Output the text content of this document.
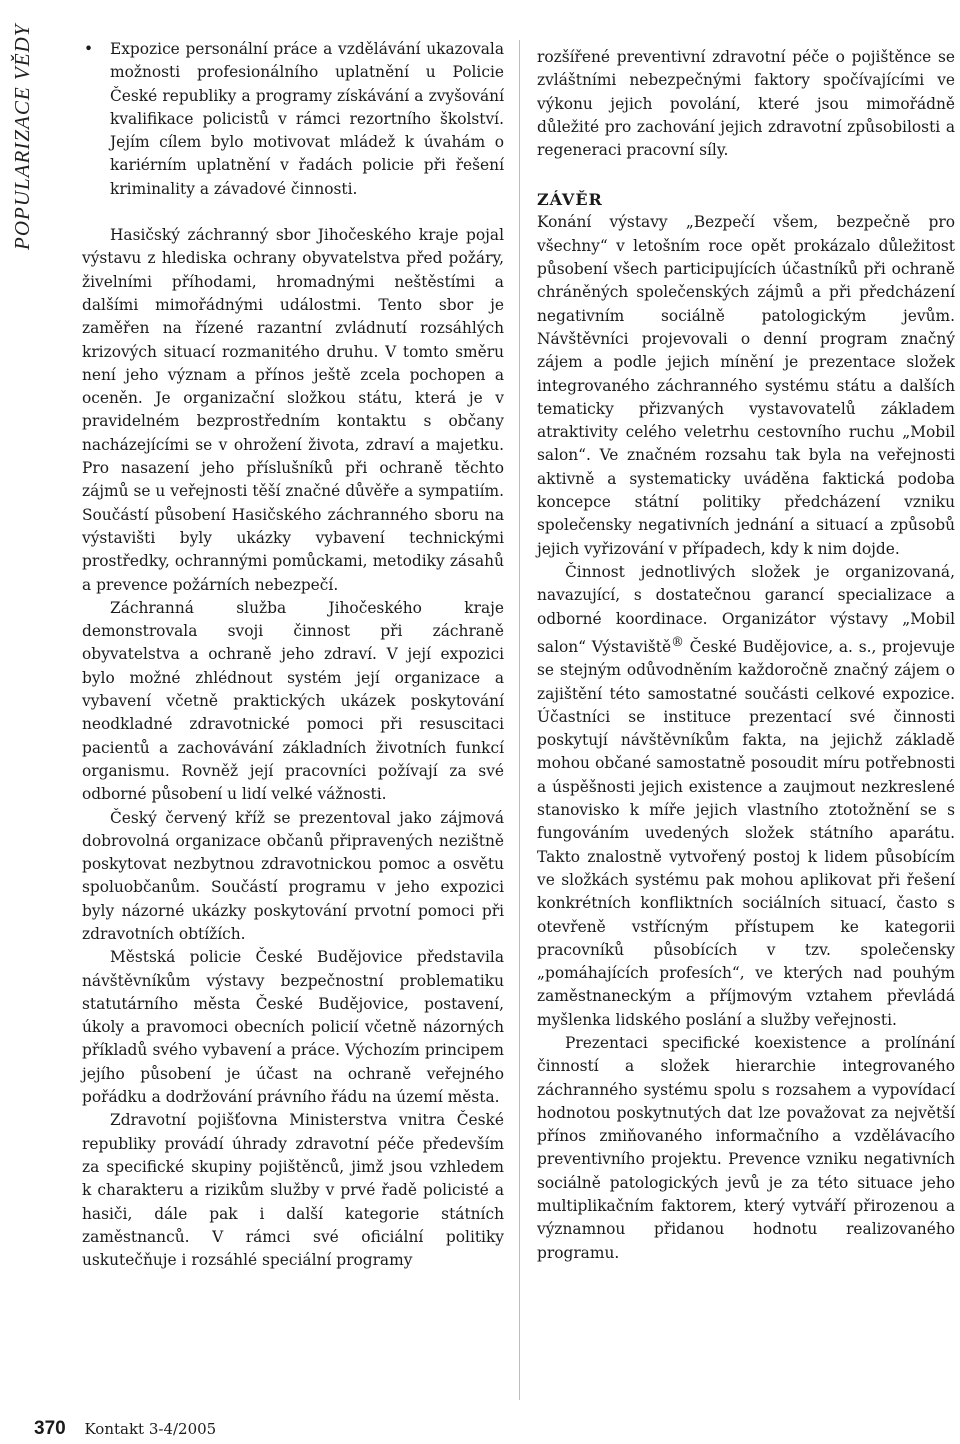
POPULARIZACE VĚDY	• Expozice personální práce a vzdělávání ukazovala možnosti profesionálního uplatnění u Policie České republiky a programy získávání a zvyšování kvalifikace policistů v rámci rezortního školství. Jejím cílem bylo motivovat mládež k úvahám o kariérním uplatnění v řadách policie při řešení kriminality a závadové činnosti.

Hasičský záchranný sbor Jihočeského kraje pojal výstavu z hlediska ochrany obyvatelstva před požáry, živelními příhodami, hromadnými neštěstími a dalšími mimořádnými událostmi. Tento sbor je zaměřen na řízené razantní zvládnutí rozsáhlých krizových situací rozmanitého druhu. V tomto směru není jeho význam a přínos ještě zcela pochopen a oceněn. Je organizační složkou státu, která je v pravidelném bezprostředním kontaktu s občany nacházejícími se v ohrožení života, zdraví a majetku. Pro nasazení jeho příslušníků při ochraně těchto zájmů se u veřejnosti těší značné důvěře a sympatiím. Součástí působení Hasičského záchranného sboru na výstavišti byly ukázky vybavení technickými prostředky, ochrannými pomůckami, metodiky zásahů a prevence požárních nebezpečí.

Záchranná služba Jihočeského kraje demonstrovala svoji činnost při záchraně obyvatelstva a ochraně jeho zdraví. V její expozici bylo možné zhlédnout systém její organizace a vybavení včetně praktických ukázek poskytování neodkladné zdravotnické pomoci při resuscitaci pacientů a zachovávání základních životních funkcí organismu. Rovněž její pracovníci požívají za své odborné působení u lidí velké vážnosti.

Český červený kříž se prezentoval jako zájmová dobrovolná organizace občanů připravených nezištně poskytovat nezbytnou zdravotnickou pomoc a osvětu spoluobčanům. Součástí programu v jeho expozici byly názorné ukázky poskytování prvotní pomoci při zdravotních obtížích.

Městská policie České Budějovice představila návštěvníkům výstavy bezpečnostní problematiku statutárního města České Budějovice, postavení, úkoly a pravomoci obecních policií včetně názorných příkladů svého vybavení a práce. Výchozím principem jejího působení je účast na ochraně veřejného pořádku a dodržování právního řádu na území města.

Zdravotní pojišťovna Ministerstva vnitra České republiky provádí úhrady zdravotní péče především za specifické skupiny pojištěnců, jimž jsou vzhledem k charakteru a rizikům služby v prvé řadě policisté a hasiči, dále pak i další kategorie státních zaměstnanců. V rámci své oficiální politiky uskutečňuje i rozsáhlé speciální programy

rozšířené preventivní zdravotní péče o pojištěnce se zvláštními nebezpečnými faktory spočívajícími ve výkonu jejich povolání, které jsou mimořádně důležité pro zachování jejich zdravotní způsobilosti a regeneraci pracovní síly.

ZÁVĚR

Konání výstavy „Bezpečí všem, bezpečně pro všechny“ v letošním roce opět prokázalo důležitost působení všech participujících účastníků při ochraně chráněných společenských zájmů a při předcházení negativním sociálně patologickým jevům. Návštěvníci projevovali o denní program značný zájem a podle jejich mínění je prezentace složek integrovaného záchranného systému státu a dalších tematicky přizvaných vystavovatelů základem atraktivity celého veletrhu cestovního ruchu „Mobil salon“. Ve značném rozsahu tak byla na veřejnosti aktivně a systematicky uváděna faktická podoba koncepce státní politiky předcházení vzniku společensky negativních jednání a situací a způsobů jejich vyřizování v případech, kdy k nim dojde.

Činnost jednotlivých složek je organizovaná, navazující, s dostatečnou garancí specializace a odborné koordinace. Organizátor výstavy „Mobil salon“ Výstaviště® České Budějovice, a. s., projevuje se stejným odůvodněním každoročně značný zájem o zajištění této samostatné součásti celkové expozice. Účastníci se instituce prezentací své činnosti poskytují návštěvníkům fakta, na jejichž základě mohou občané samostatně posoudit míru potřebnosti a úspěšnosti jejich existence a zaujmout nezkreslené stanovisko k míře jejich vlastního ztotožnění se s fungováním uvedených složek státního aparátu. Takto znalostně vytvořený postoj k lidem působícím ve složkách systému pak mohou aplikovat při řešení konkrétních konfliktních sociálních situací, často s otevřeně vstřícným přístupem ke kategorii pracovníků působících v tzv. společensky „pomáhajících profesích“, ve kterých nad pouhým zaměstnaneckým a příjmovým vztahem převládá myšlenka lidského poslání a služby veřejnosti.

Prezentaci specifické koexistence a prolínání činností a složek hierarchie integrovaného záchranného systému spolu s rozsahem a vypovídací hodnotou poskytnutých dat lze považovat za největší přínos zmiňovaného informačního a vzdělávacího preventivního projektu. Prevence vzniku negativních sociálně patologických jevů je za této situace jeho multiplikačním faktorem, který vytváří přirozenou a významnou přidanou hodnotu realizovaného programu.

370 Kontakt 3-4/2005
